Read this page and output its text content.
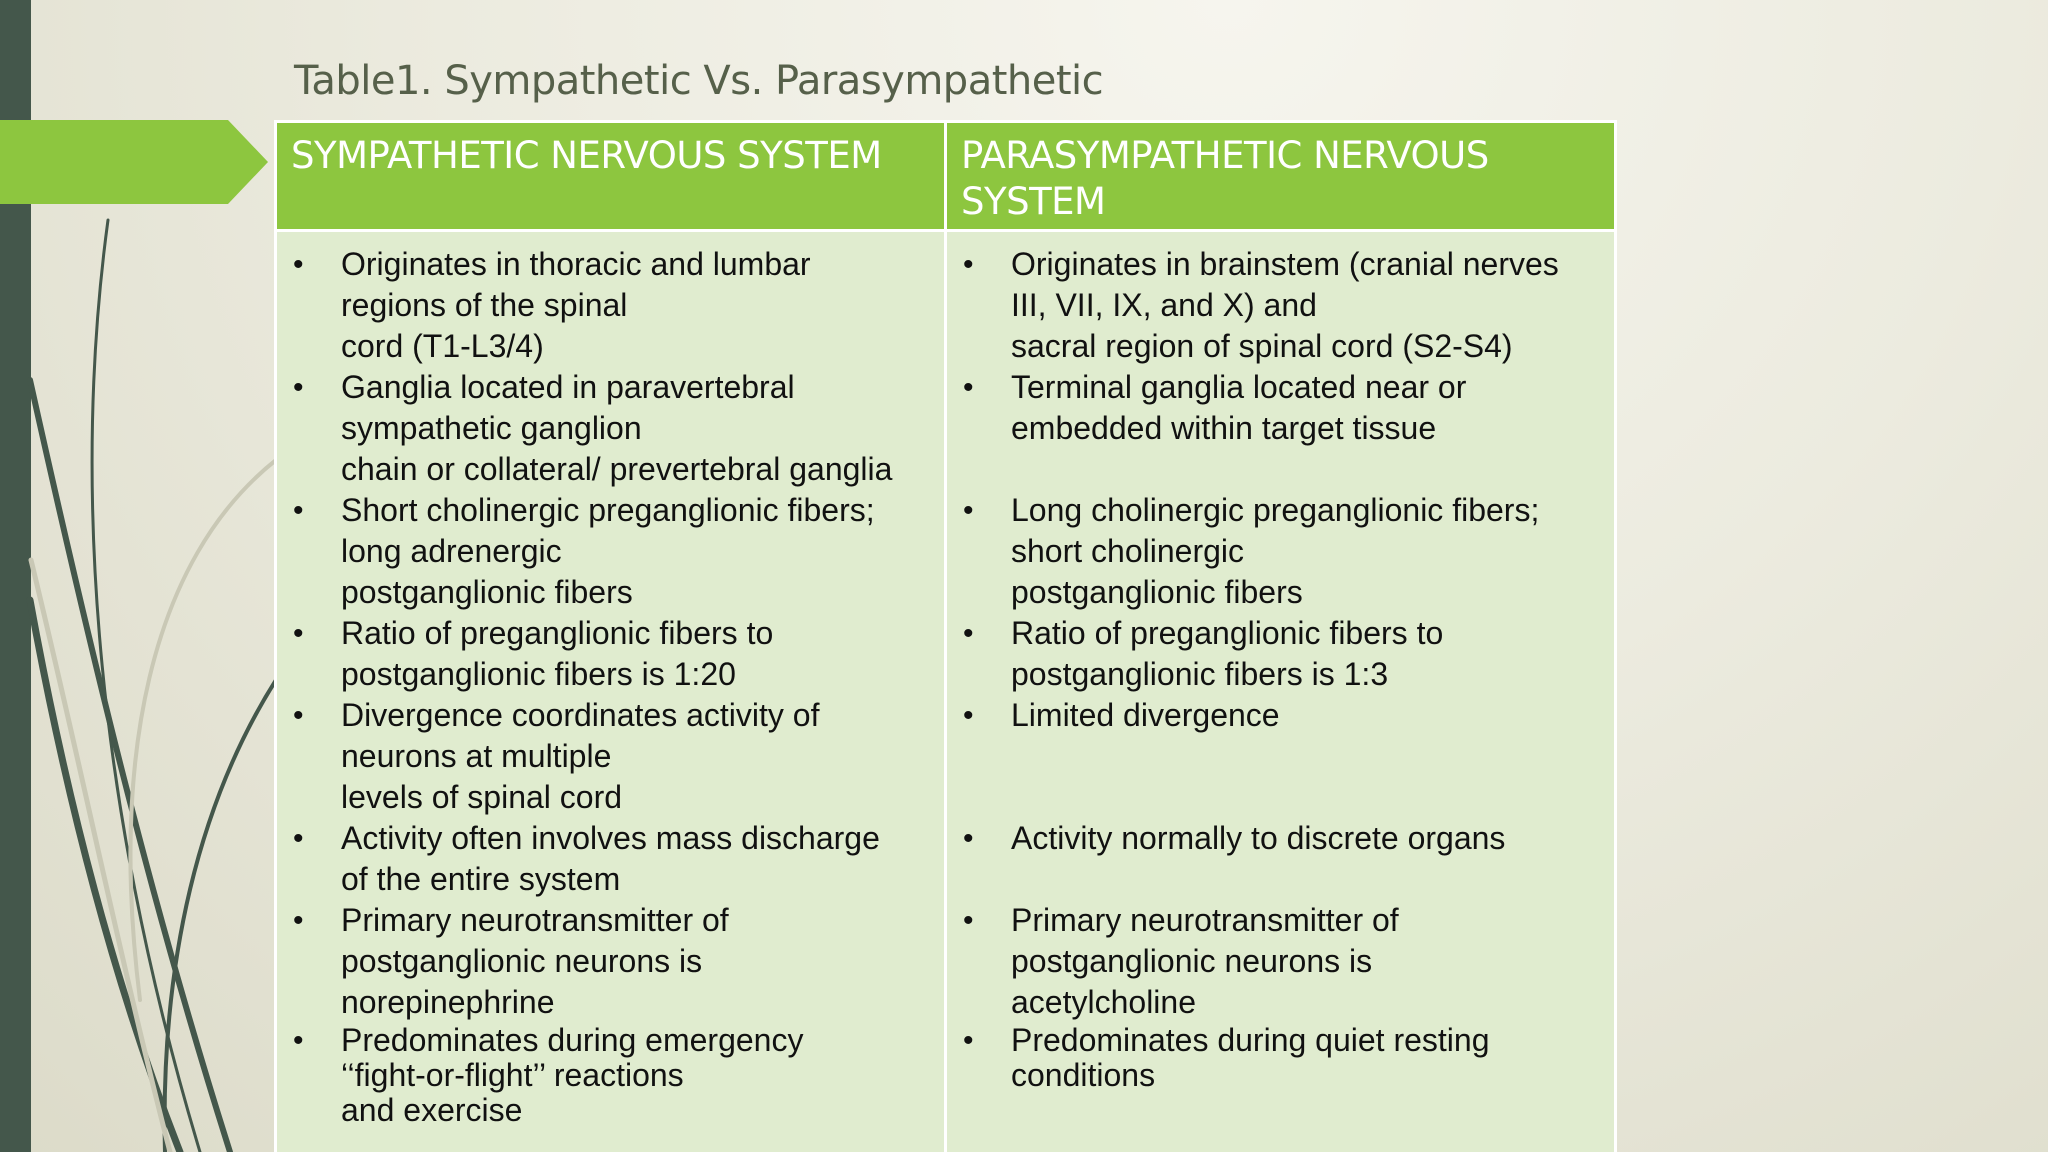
Table1. Sympathetic Vs. Parasympathetic
SYMPATHETIC NERVOUS SYSTEM	PARASYMPATHETIC NERVOUS
SYSTEM
• Originates in thoracic and lumbar
regions of the spinal
cord (T1-L3/4)
• Ganglia located in paravertebral
sympathetic ganglion
chain or collateral/ prevertebral ganglia
• Short cholinergic preganglionic fibers;
long adrenergic
postganglionic fibers
• Ratio of preganglionic fibers to
postganglionic fibers is 1:20
• Divergence coordinates activity of
neurons at multiple
levels of spinal cord
• Activity often involves mass discharge
of the entire system
• Primary neurotransmitter of
postganglionic neurons is
norepinephrine
• Predominates during emergency
‘‘fight-or-flight’’ reactions
and exercise
• Originates in brainstem (cranial nerves
III, VII, IX, and X) and
sacral region of spinal cord (S2-S4)
• Terminal ganglia located near or
embedded within target tissue
• Long cholinergic preganglionic fibers;
short cholinergic
postganglionic fibers
• Ratio of preganglionic fibers to
postganglionic fibers is 1:3
• Limited divergence
• Activity normally to discrete organs
• Primary neurotransmitter of
postganglionic neurons is
acetylcholine
• Predominates during quiet resting
conditions
